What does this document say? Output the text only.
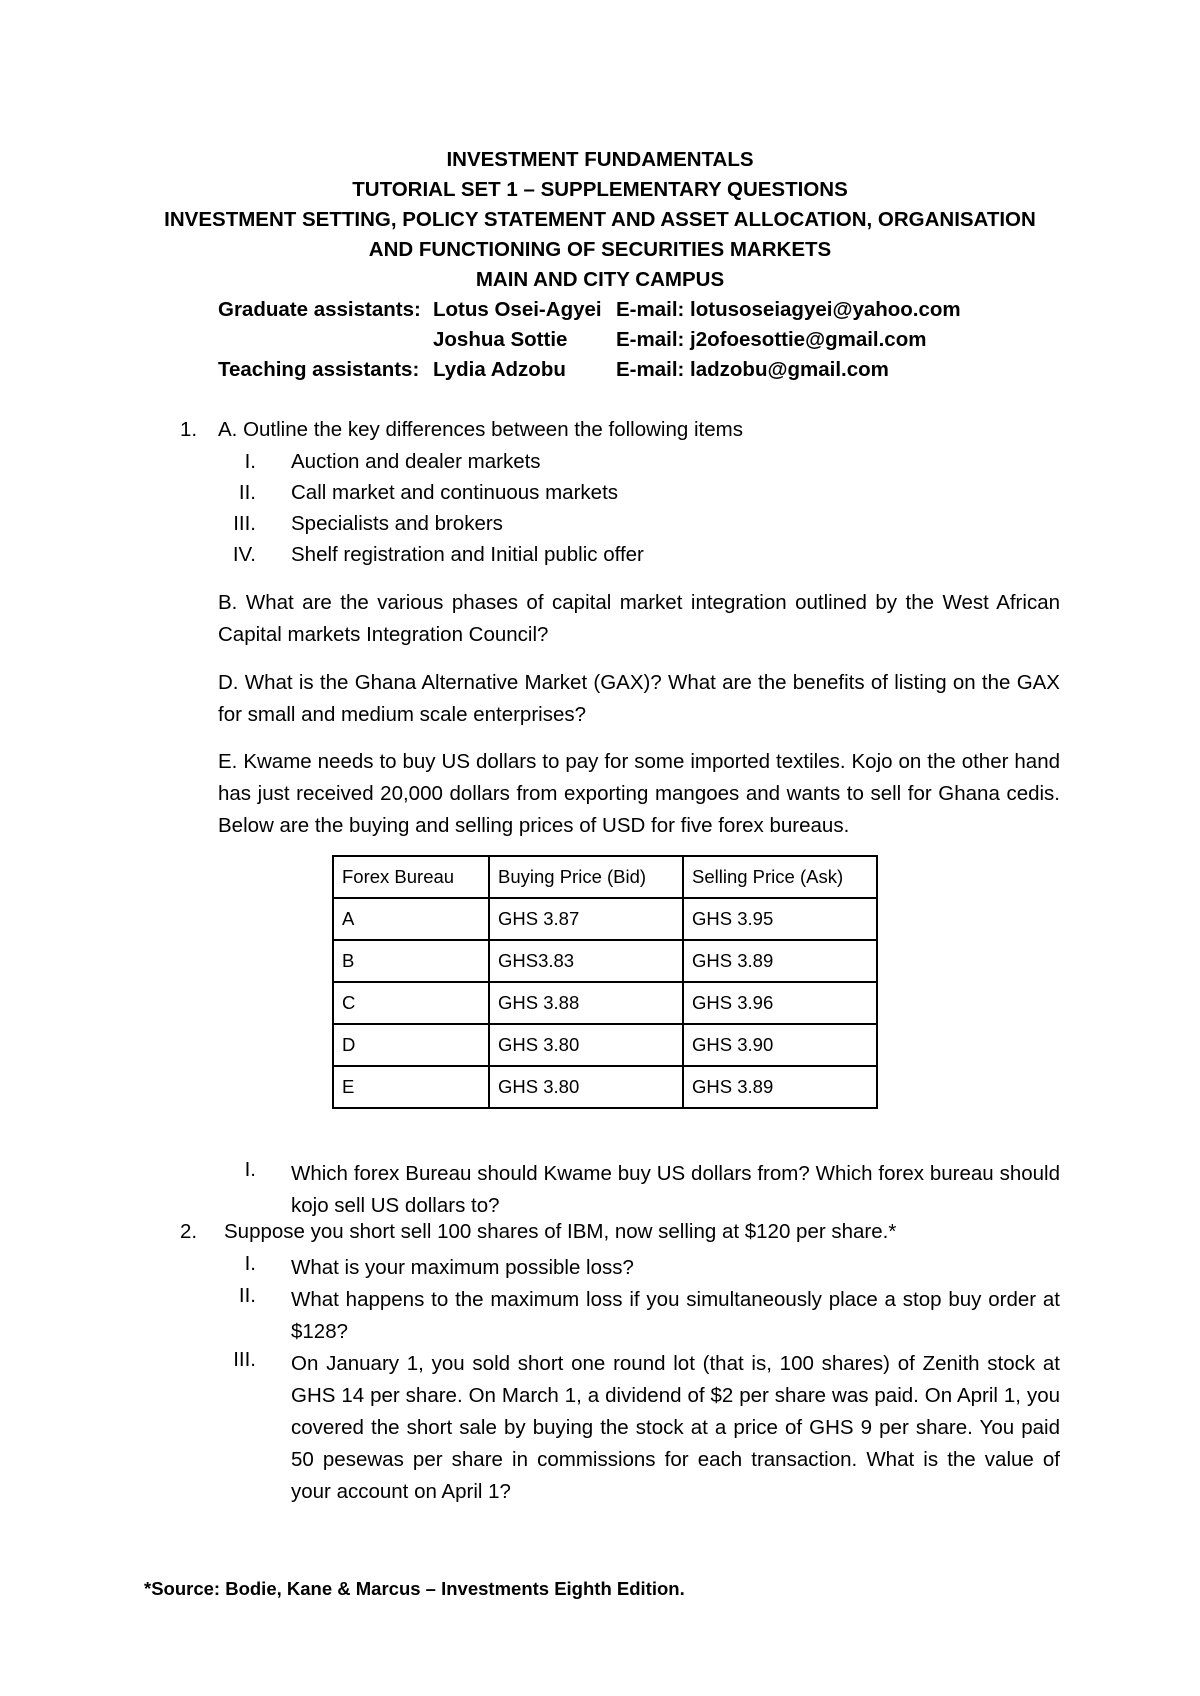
INVESTMENT FUNDAMENTALS
TUTORIAL SET 1 – SUPPLEMENTARY QUESTIONS
INVESTMENT SETTING, POLICY STATEMENT AND ASSET ALLOCATION, ORGANISATION
AND FUNCTIONING OF SECURITIES MARKETS
MAIN AND CITY CAMPUS
Graduate assistants: Lotus Osei-Agyei E-mail: lotusoseiagyei@yahoo.com
Joshua Sottie E-mail: j2ofoesottie@gmail.com
Teaching assistants: Lydia Adzobu E-mail: ladzobu@gmail.com
1. A. Outline the key differences between the following items
I. Auction and dealer markets
II. Call market and continuous markets
III. Specialists and brokers
IV. Shelf registration and Initial public offer
B. What are the various phases of capital market integration outlined by the West African Capital markets Integration Council?
D. What is the Ghana Alternative Market (GAX)? What are the benefits of listing on the GAX for small and medium scale enterprises?
E. Kwame needs to buy US dollars to pay for some imported textiles. Kojo on the other hand has just received 20,000 dollars from exporting mangoes and wants to sell for Ghana cedis. Below are the buying and selling prices of USD for five forex bureaus.
Forex Bureau	Buying Price (Bid)	Selling Price (Ask)
A	GHS 3.87	GHS 3.95
B	GHS3.83	GHS 3.89
C	GHS 3.88	GHS 3.96
D	GHS 3.80	GHS 3.90
E	GHS 3.80	GHS 3.89
I. Which forex Bureau should Kwame buy US dollars from? Which forex bureau should kojo sell US dollars to?
2. Suppose you short sell 100 shares of IBM, now selling at $120 per share.*
I. What is your maximum possible loss?
II. What happens to the maximum loss if you simultaneously place a stop buy order at $128?
III. On January 1, you sold short one round lot (that is, 100 shares) of Zenith stock at GHS 14 per share. On March 1, a dividend of $2 per share was paid. On April 1, you covered the short sale by buying the stock at a price of GHS 9 per share. You paid 50 pesewas per share in commissions for each transaction. What is the value of your account on April 1?
*Source: Bodie, Kane & Marcus – Investments Eighth Edition.
